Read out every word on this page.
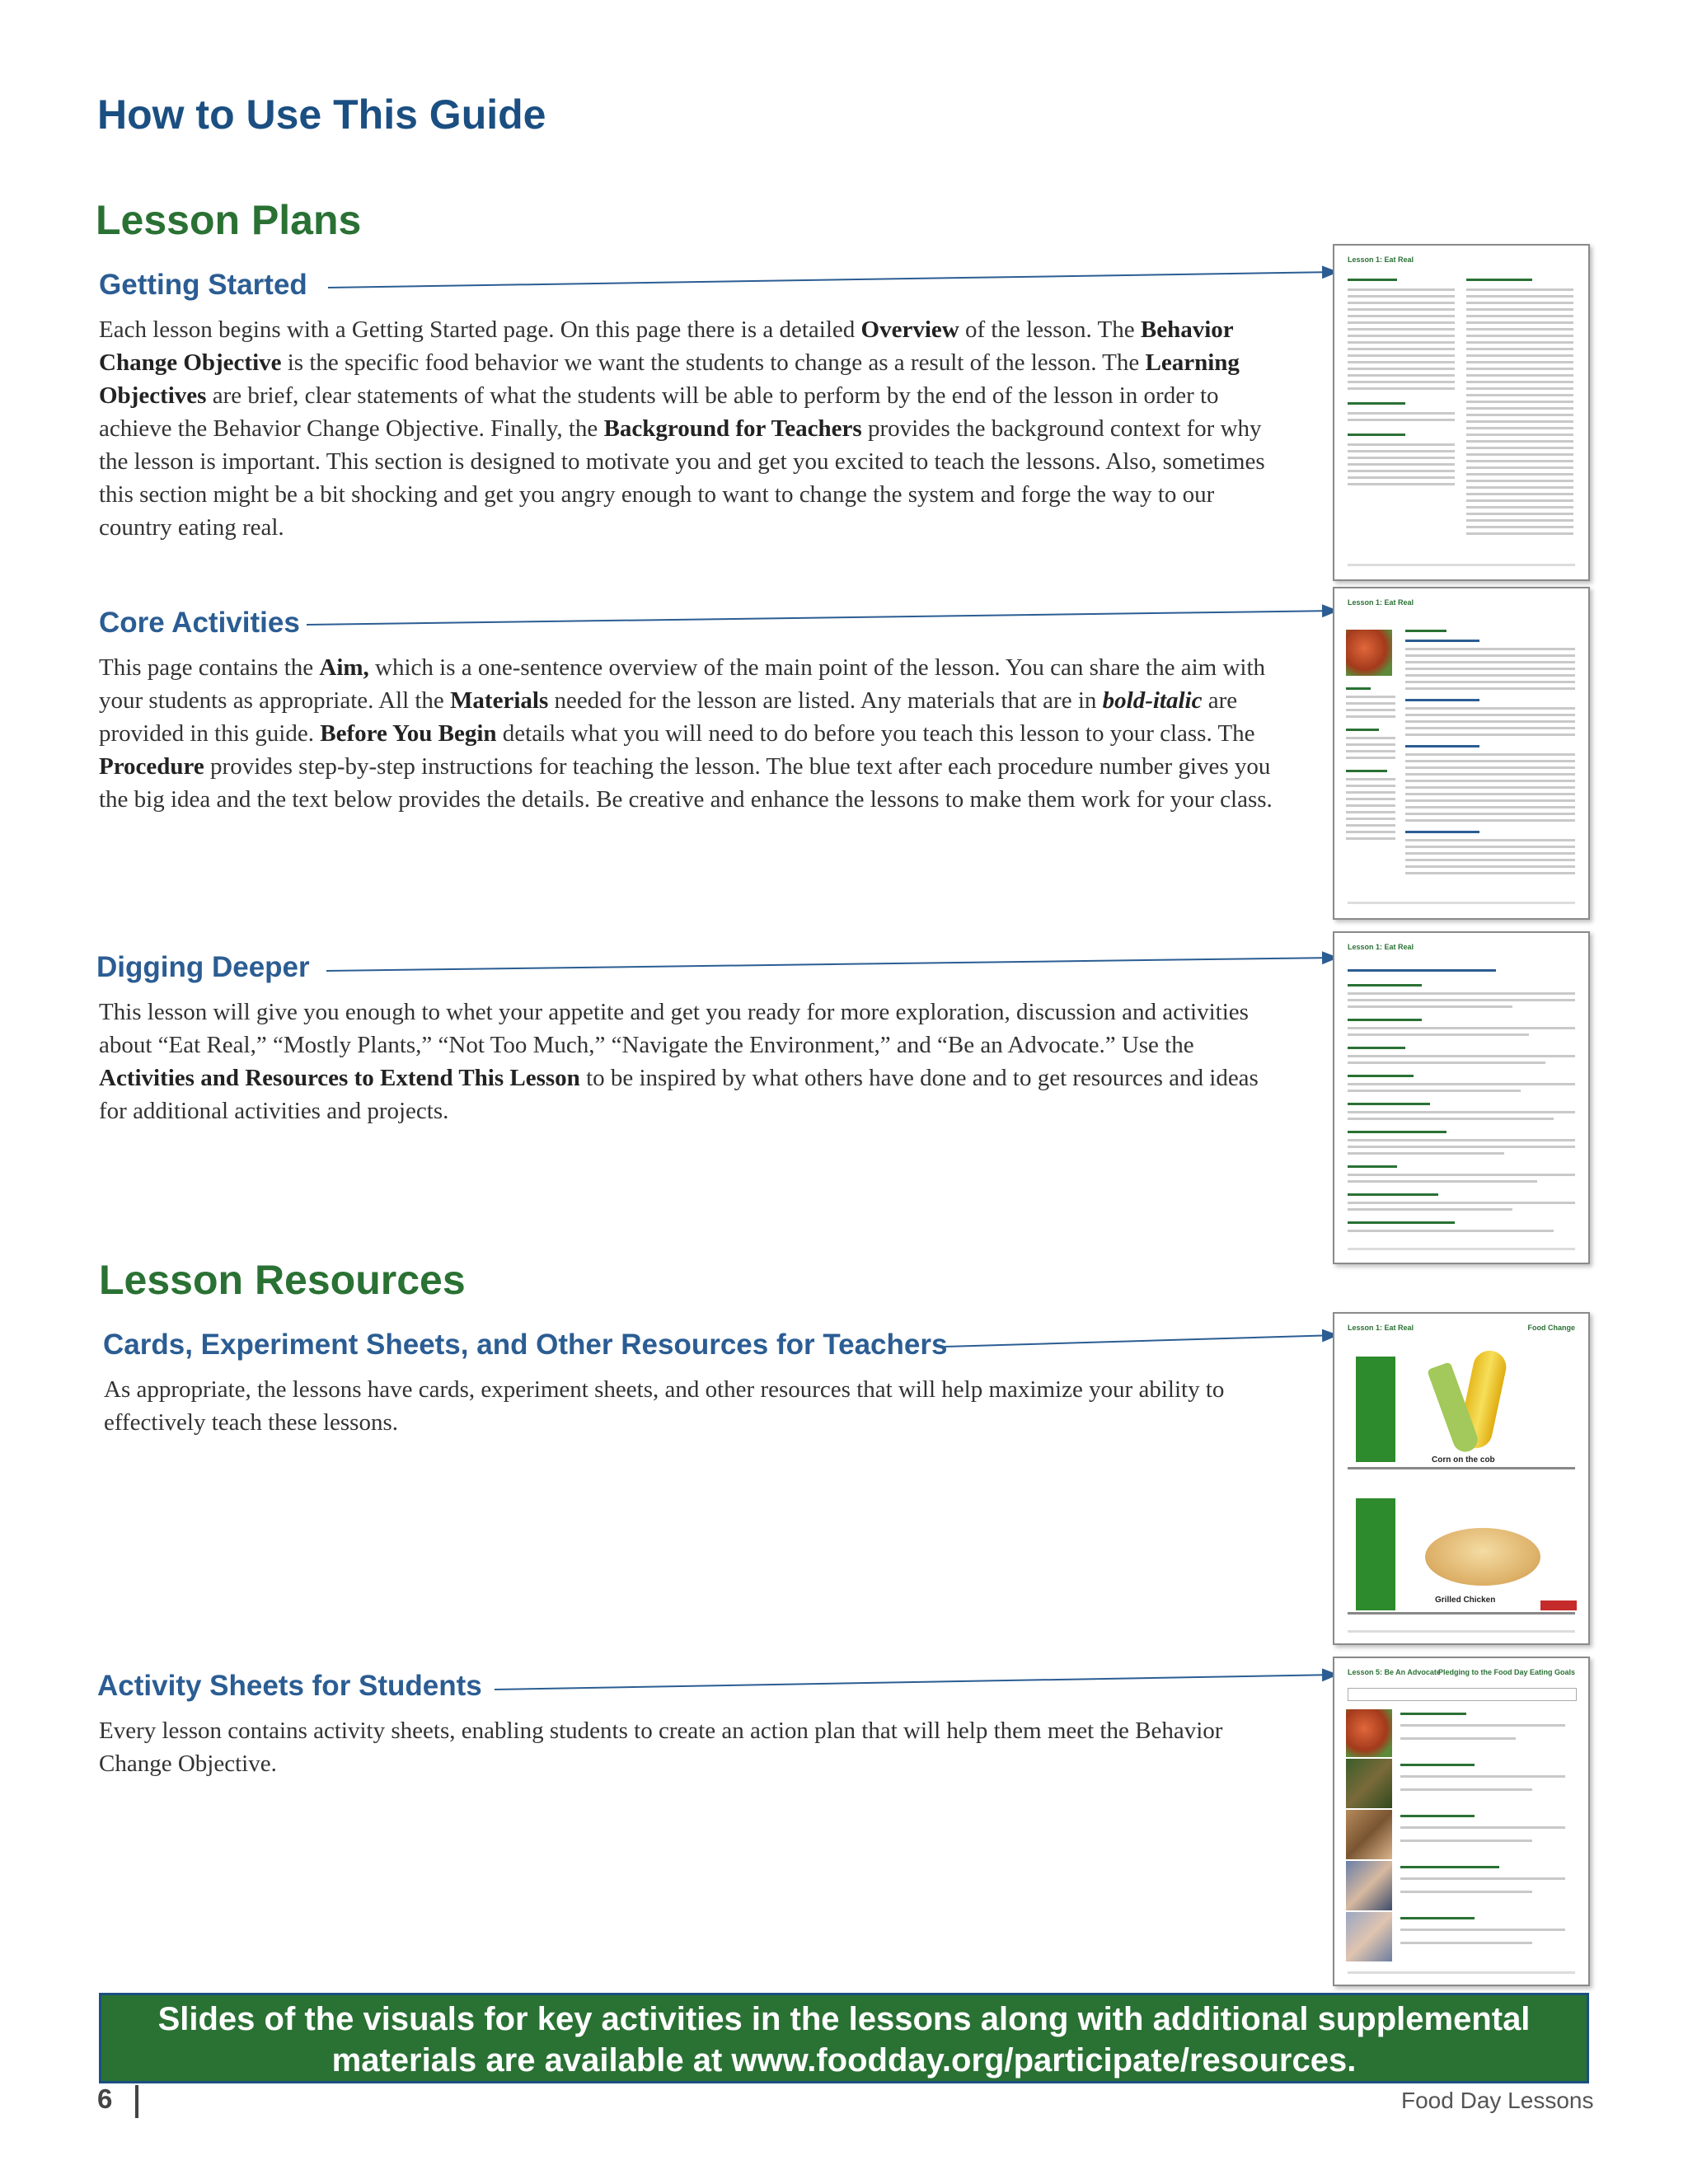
How to Use This Guide
Lesson Plans
Getting Started

Each lesson begins with a Getting Started page. On this page there is a detailed Overview of the lesson. The Behavior Change Objective is the specific food behavior we want the students to change as a result of the lesson. The Learning Objectives are brief, clear statements of what the students will be able to perform by the end of the lesson in order to achieve the Behavior Change Objective. Finally, the Background for Teachers provides the background context for why the lesson is important. This section is designed to motivate you and get you excited to teach the lessons. Also, sometimes this section might be a bit shocking and get you angry enough to want to change the system and forge the way to our country eating real.

Core Activities

This page contains the Aim, which is a one-sentence overview of the main point of the lesson. You can share the aim with your students as appropriate. All the Materials needed for the lesson are listed. Any materials that are in bold-italic are provided in this guide. Before You Begin details what you will need to do before you teach this lesson to your class. The Procedure provides step-by-step instructions for teaching the lesson. The blue text after each procedure number gives you the big idea and the text below provides the details. Be creative and enhance the lessons to make them work for your class.

Digging Deeper

This lesson will give you enough to whet your appetite and get you ready for more exploration, discussion and activities about “Eat Real,” “Mostly Plants,” “Not Too Much,” “Navigate the Environment,” and “Be an Advocate.” Use the Activities and Resources to Extend This Lesson to be inspired by what others have done and to get resources and ideas for additional activities and projects.

Lesson Resources
Cards, Experiment Sheets, and Other Resources for Teachers

As appropriate, the lessons have cards, experiment sheets, and other resources that will help maximize your ability to effectively teach these lessons.

Activity Sheets for Students

Every lesson contains activity sheets, enabling students to create an action plan that will help them meet the Behavior Change Objective.

Lesson 1: Eat Real
Lesson 1: Eat Real
Lesson 1: Eat Real
Lesson 1: Eat Real	Food Change
Corn on the cob
Grilled Chicken
Lesson 5: Be An Advocate
Pledging to the Food Day Eating Goals
Slides of the visuals for key activities in the lessons along with additional supplemental materials are available at www.foodday.org/participate/resources.
6	Food Day Lessons
